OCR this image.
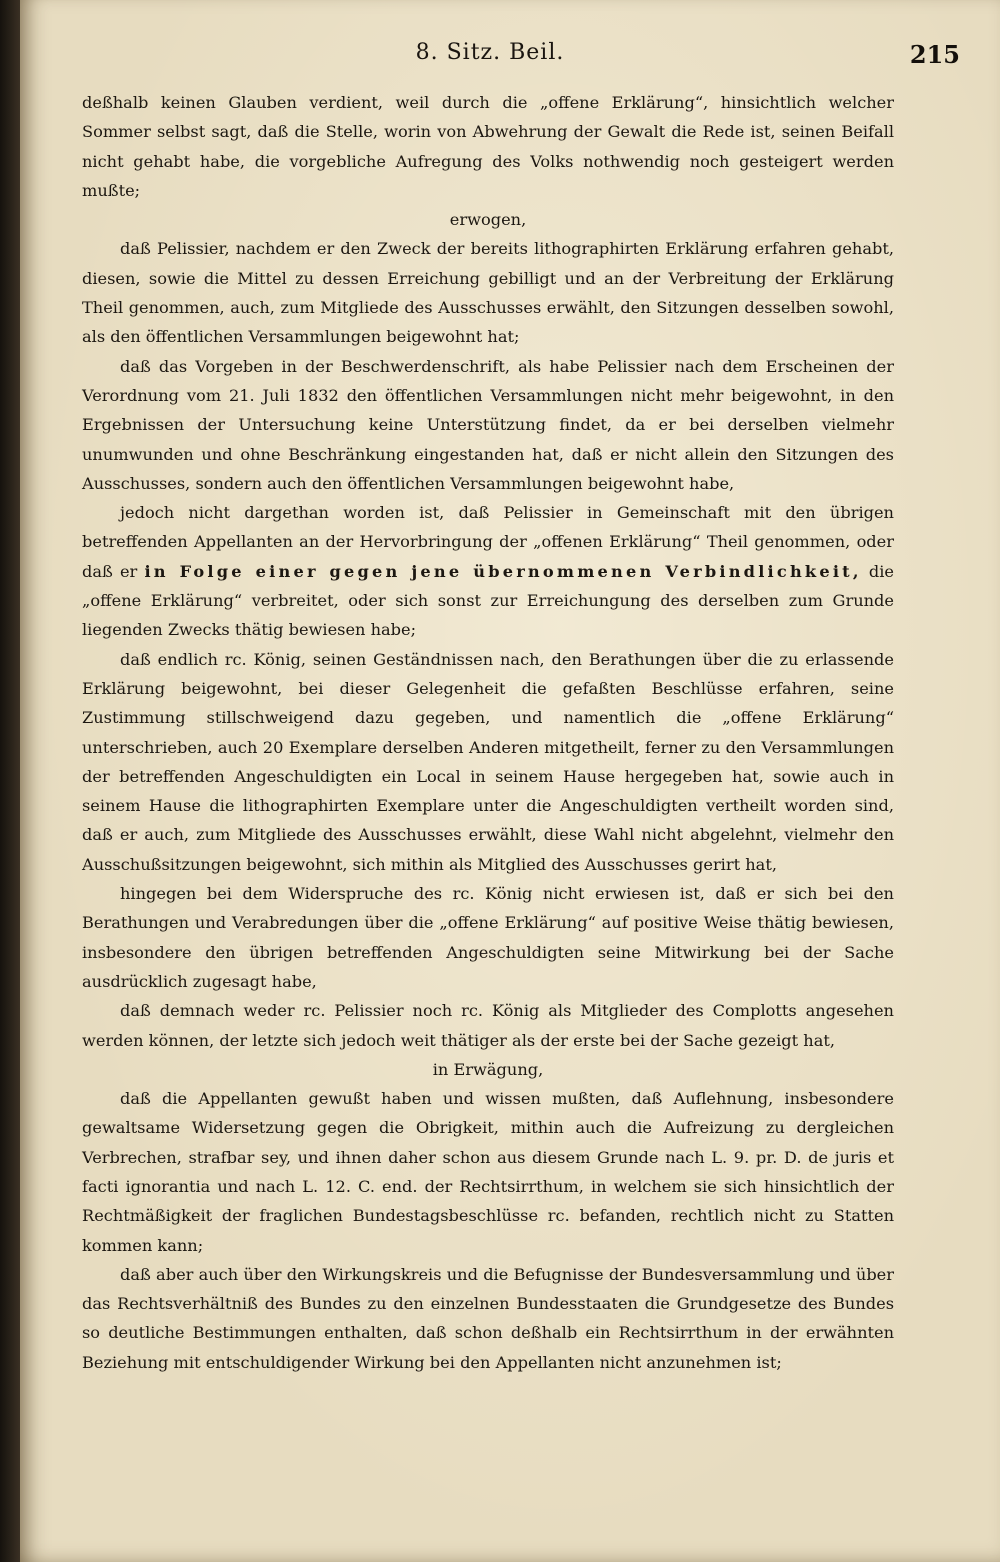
8. Sitz. Beil.	215

deßhalb keinen Glauben verdient, weil durch die „offene Erklärung“, hinsichtlich welcher Sommer selbst sagt, daß die Stelle, worin von Abwehrung der Gewalt die Rede ist, seinen Beifall nicht gehabt habe, die vorgebliche Aufregung des Volks nothwendig noch gesteigert werden mußte;

erwogen,

daß Pelissier, nachdem er den Zweck der bereits lithographirten Erklärung erfahren gehabt, diesen, sowie die Mittel zu dessen Erreichung gebilligt und an der Verbreitung der Erklärung Theil genommen, auch, zum Mitgliede des Ausschusses erwählt, den Sitzungen desselben sowohl, als den öffentlichen Versammlungen beigewohnt hat;

daß das Vorgeben in der Beschwerdenschrift, als habe Pelissier nach dem Erscheinen der Verordnung vom 21. Juli 1832 den öffentlichen Versammlungen nicht mehr beigewohnt, in den Ergebnissen der Untersuchung keine Unterstützung findet, da er bei derselben vielmehr unumwunden und ohne Beschränkung eingestanden hat, daß er nicht allein den Sitzungen des Ausschusses, sondern auch den öffentlichen Versammlungen beigewohnt habe,

jedoch nicht dargethan worden ist, daß Pelissier in Gemeinschaft mit den übrigen betreffenden Appellanten an der Hervorbringung der „offenen Erklärung“ Theil genommen, oder daß er in Folge einer gegen jene übernommenen Verbindlichkeit, die „offene Erklärung“ verbreitet, oder sich sonst zur Erreichungung des derselben zum Grunde liegenden Zwecks thätig bewiesen habe;

daß endlich rc. König, seinen Geständnissen nach, den Berathungen über die zu erlassende Erklärung beigewohnt, bei dieser Gelegenheit die gefaßten Beschlüsse erfahren, seine Zustimmung stillschweigend dazu gegeben, und namentlich die „offene Erklärung“ unterschrieben, auch 20 Exemplare derselben Anderen mitgetheilt, ferner zu den Versammlungen der betreffenden Angeschuldigten ein Local in seinem Hause hergegeben hat, sowie auch in seinem Hause die lithographirten Exemplare unter die Angeschuldigten vertheilt worden sind, daß er auch, zum Mitgliede des Ausschusses erwählt, diese Wahl nicht abgelehnt, vielmehr den Ausschußsitzungen beigewohnt, sich mithin als Mitglied des Ausschusses gerirt hat,

hingegen bei dem Widerspruche des rc. König nicht erwiesen ist, daß er sich bei den Berathungen und Verabredungen über die „offene Erklärung“ auf positive Weise thätig bewiesen, insbesondere den übrigen betreffenden Angeschuldigten seine Mitwirkung bei der Sache ausdrücklich zugesagt habe,

daß demnach weder rc. Pelissier noch rc. König als Mitglieder des Complotts angesehen werden können, der letzte sich jedoch weit thätiger als der erste bei der Sache gezeigt hat,

in Erwägung,

daß die Appellanten gewußt haben und wissen mußten, daß Auflehnung, insbesondere gewaltsame Widersetzung gegen die Obrigkeit, mithin auch die Aufreizung zu dergleichen Verbrechen, strafbar sey, und ihnen daher schon aus diesem Grunde nach L. 9. pr. D. de juris et facti ignorantia und nach L. 12. C. end. der Rechtsirrthum, in welchem sie sich hinsichtlich der Rechtmäßigkeit der fraglichen Bundestagsbeschlüsse rc. befanden, rechtlich nicht zu Statten kommen kann;

daß aber auch über den Wirkungskreis und die Befugnisse der Bundesversammlung und über das Rechtsverhältniß des Bundes zu den einzelnen Bundesstaaten die Grundgesetze des Bundes so deutliche Bestimmungen enthalten, daß schon deßhalb ein Rechtsirrthum in der erwähnten Beziehung mit entschuldigender Wirkung bei den Appellanten nicht anzunehmen ist;
